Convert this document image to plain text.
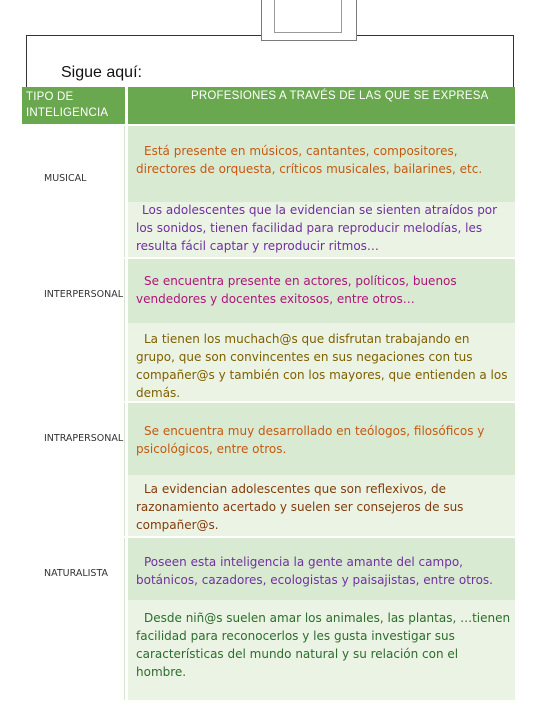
Sigue aquí:
TIPO DE INTELIGENCIA
PROFESIONES A TRAVÉS DE LAS QUE SE EXPRESA
MUSICAL
Está presente en músicos, cantantes, compositores, directores de orquesta, críticos musicales, bailarines, etc.
Los adolescentes que la evidencian se sienten atraídos por los sonidos, tienen facilidad para reproducir melodías, les resulta fácil captar y reproducir ritmos…
INTERPERSONAL
Se encuentra presente en actores, políticos, buenos vendedores y docentes exitosos, entre otros…
La tienen los muchach@s que disfrutan trabajando en grupo, que son convincentes en sus negaciones con tus compañer@s y también con los mayores, que entienden a los demás.
INTRAPERSONAL
Se encuentra muy desarrollado en teólogos, filosóficos y psicológicos, entre otros.
La evidencian adolescentes que son reflexivos, de razonamiento acertado y suelen ser consejeros de sus compañer@s.
NATURALISTA
Poseen esta inteligencia la gente amante del campo, botánicos, cazadores, ecologistas y paisajistas, entre otros.
Desde niñ@s suelen amar los animales, las plantas, …tienen facilidad para reconocerlos y les gusta investigar sus características del mundo natural y su relación con el hombre.
